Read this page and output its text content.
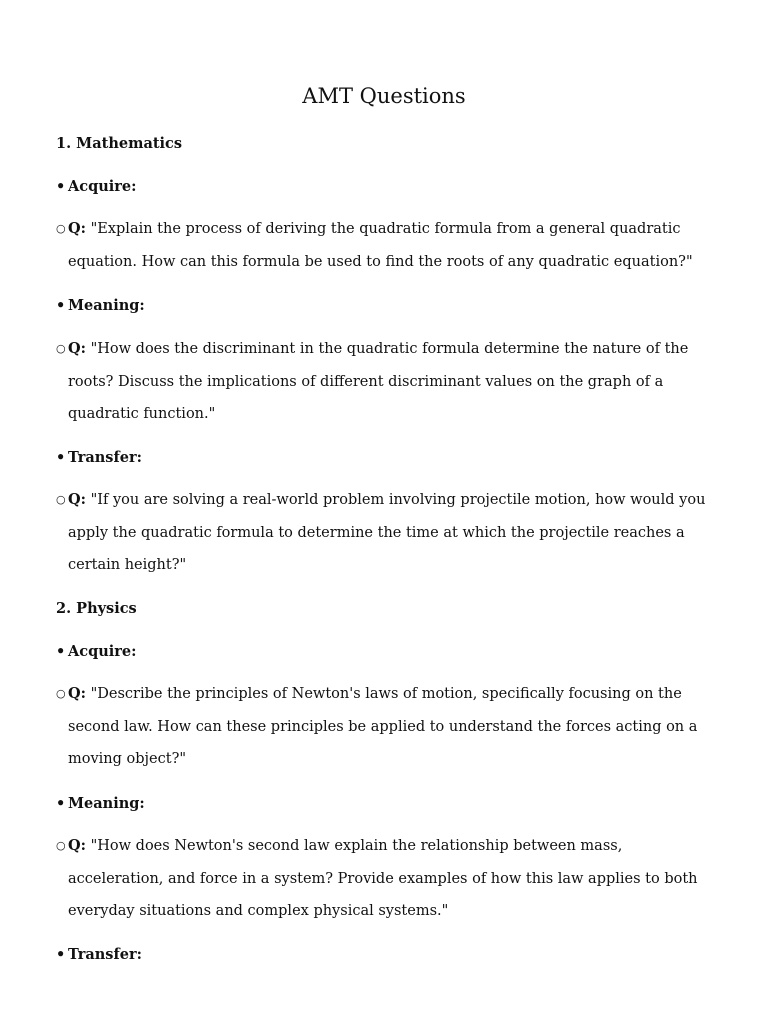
AMT Questions
1. Mathematics
• Acquire:
○ Q: "Explain the process of deriving the quadratic formula from a general quadratic equation. How can this formula be used to find the roots of any quadratic equation?"
• Meaning:
○ Q: "How does the discriminant in the quadratic formula determine the nature of the roots? Discuss the implications of different discriminant values on the graph of a quadratic function."
• Transfer:
○ Q: "If you are solving a real-world problem involving projectile motion, how would you apply the quadratic formula to determine the time at which the projectile reaches a certain height?"
2. Physics
• Acquire:
○ Q: "Describe the principles of Newton's laws of motion, specifically focusing on the second law. How can these principles be applied to understand the forces acting on a moving object?"
• Meaning:
○ Q: "How does Newton's second law explain the relationship between mass, acceleration, and force in a system? Provide examples of how this law applies to both everyday situations and complex physical systems."
• Transfer:
